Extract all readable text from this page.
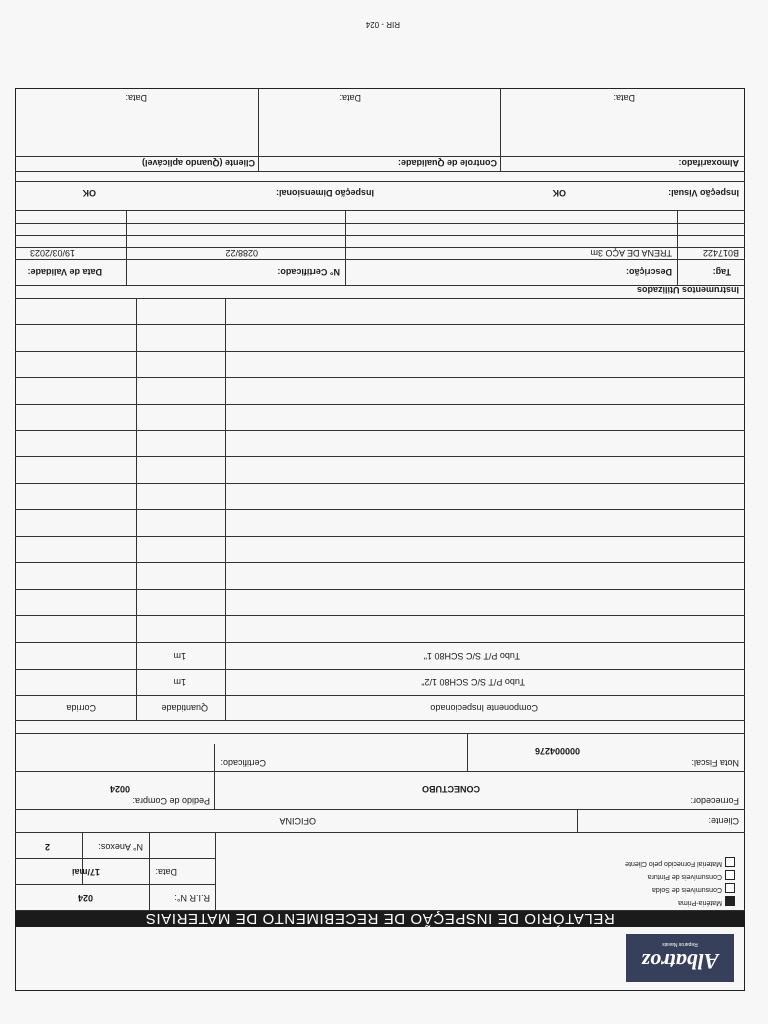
RIR - 024
Albatroz
Reparos Navais
RELATÓRIO DE INSPEÇÃO DE RECEBIMENTO DE MATERIAIS
R.I.R N°:
024
Data:
17/mai
N° Anexos:
2
Matéria-Prima
Consumíveis de Solda
Consumíveis de Pintura
Material Fornecido pelo Cliente
Cliente:
OFICINA
Fornecedor:
CONECTUBO
Pedido de Compra:
0024
Nota Fiscal:
000004276
Certificado:
Componente Inspecionado
Quantidade
Corrida
Tubo P/T S/C SCH80 1/2"
1m
Tubo P/T S/C SCH80 1"
1m
Instrumentos Utilizados
Tag:
Descrição:
N° Certificado:
Data de Validade:
B017422
TRENA DE AÇO 3m
0288/22
19/03/2023
Inspeção Visual:
OK
Inspeção Dimensional:
OK
Almoxarifado:
Controle de Qualidade:
Cliente (Quando aplicável)
Data:
Data:
Data:
